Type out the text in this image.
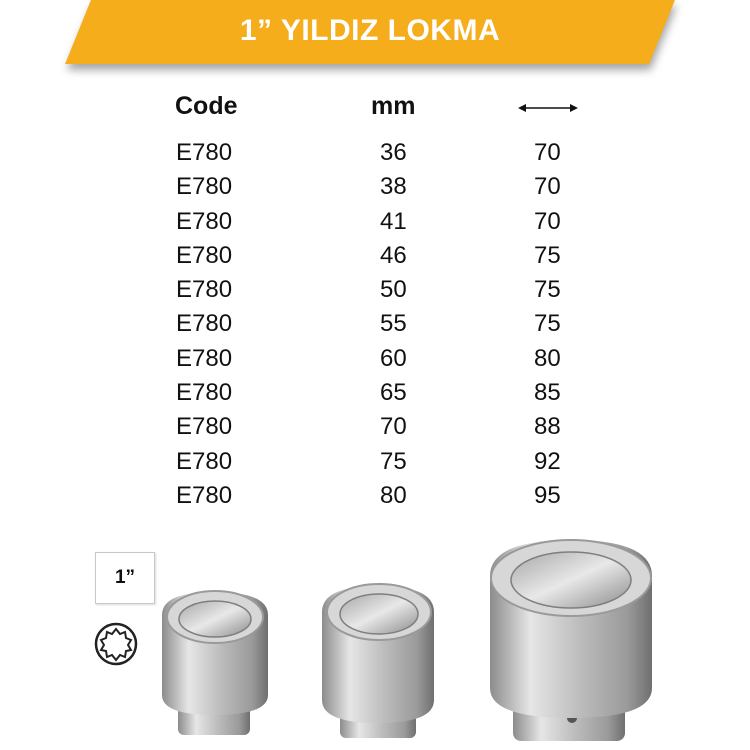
1” YILDIZ LOKMA
Code	mm
E780	36	70
E780	38	70
E780	41	70
E780	46	75
E780	50	75
E780	55	75
E780	60	80
E780	65	85
E780	70	88
E780	75	92
E780	80	95
1”
